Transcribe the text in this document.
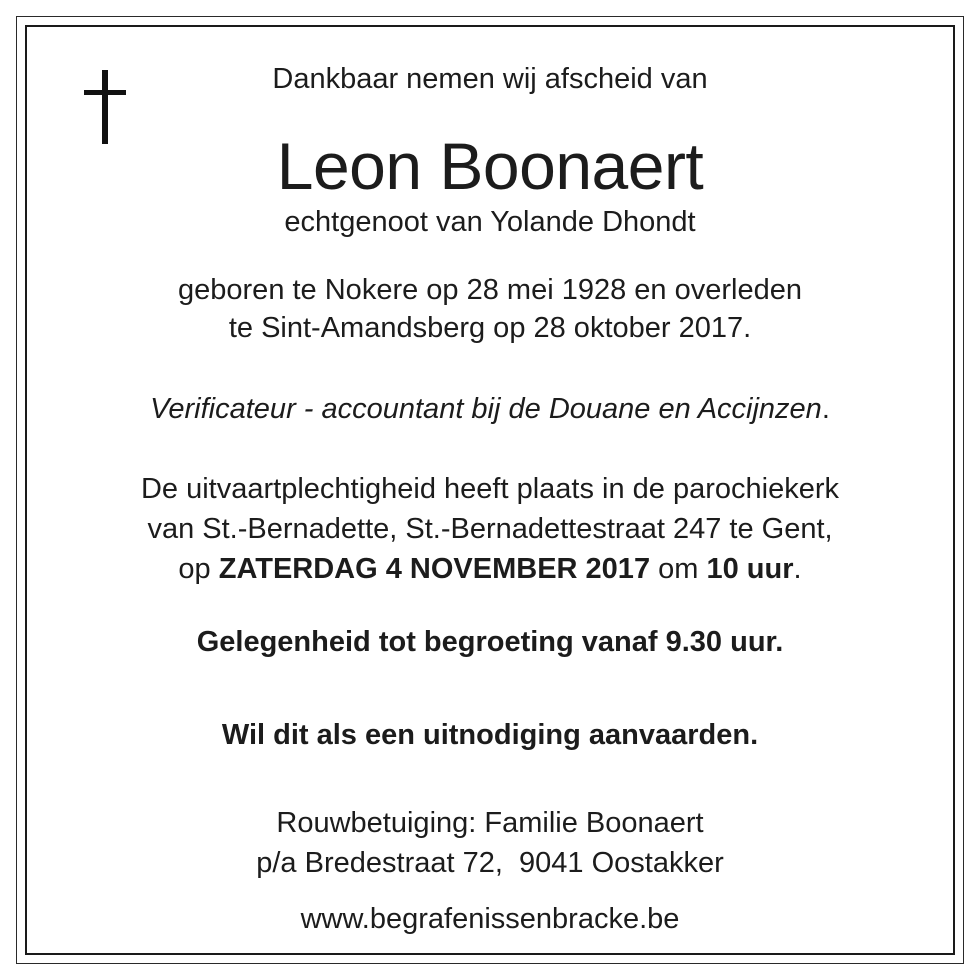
Dankbaar nemen wij afscheid van
Leon Boonaert
echtgenoot van Yolande Dhondt
geboren te Nokere op 28 mei 1928 en overleden
te Sint-Amandsberg op 28 oktober 2017.
Verificateur - accountant bij de Douane en Accijnzen.
De uitvaartplechtigheid heeft plaats in de parochiekerk
van St.-Bernadette, St.-Bernadettestraat 247 te Gent,
op ZATERDAG 4 NOVEMBER 2017 om 10 uur.
Gelegenheid tot begroeting vanaf 9.30 uur.
Wil dit als een uitnodiging aanvaarden.
Rouwbetuiging: Familie Boonaert
p/a Bredestraat 72,  9041 Oostakker
www.begrafenissenbracke.be
